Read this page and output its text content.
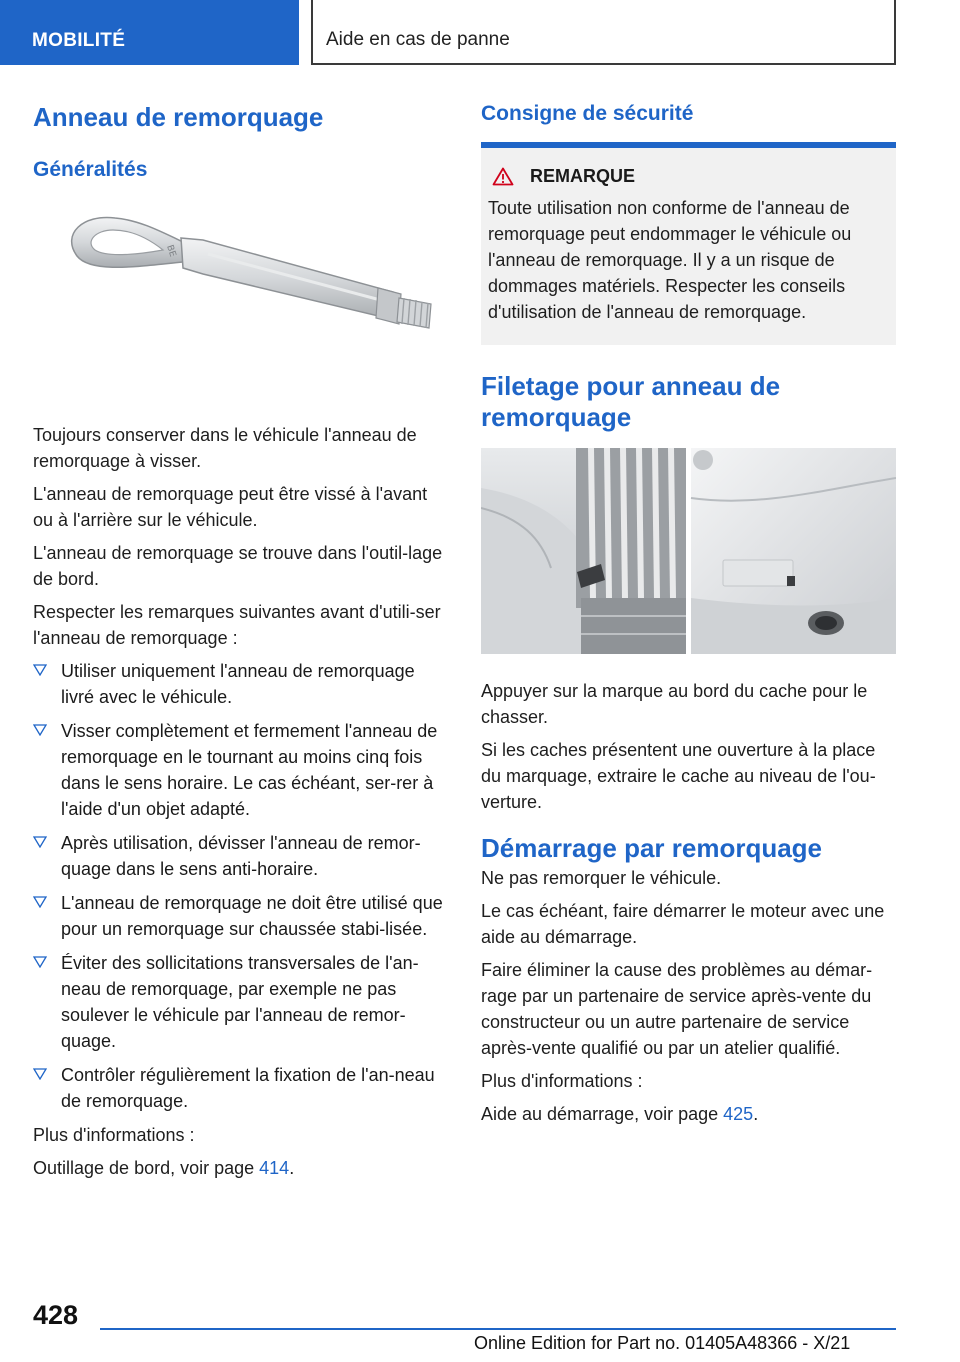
MOBILITÉ	Aide en cas de panne
Anneau de remorquage
Généralités
BE

Toujours conserver dans le véhicule l'anneau de remorquage à visser.

L'anneau de remorquage peut être vissé à l'avant ou à l'arrière sur le véhicule.

L'anneau de remorquage se trouve dans l'outil-lage de bord.

Respecter les remarques suivantes avant d'utili-ser l'anneau de remorquage :

Utiliser uniquement l'anneau de remorquage livré avec le véhicule.
Visser complètement et fermement l'anneau de remorquage en le tournant au moins cinq fois dans le sens horaire. Le cas échéant, ser-rer à l'aide d'un objet adapté.
Après utilisation, dévisser l'anneau de remor-quage dans le sens anti-horaire.
L'anneau de remorquage ne doit être utilisé que pour un remorquage sur chaussée stabi-lisée.
Éviter des sollicitations transversales de l'an-neau de remorquage, par exemple ne pas soulever le véhicule par l'anneau de remor-quage.
Contrôler régulièrement la fixation de l'an-neau de remorquage.

Plus d'informations :

Outillage de bord, voir page 414.

Consigne de sécurité
REMARQUE

Toute utilisation non conforme de l'anneau de remorquage peut endommager le véhicule ou l'anneau de remorquage. Il y a un risque de dommages matériels. Respecter les conseils d'utilisation de l'anneau de remorquage.

Filetage pour anneau de remorquage

Appuyer sur la marque au bord du cache pour le chasser.

Si les caches présentent une ouverture à la place du marquage, extraire le cache au niveau de l'ou-verture.

Démarrage par remorquage

Ne pas remorquer le véhicule.

Le cas échéant, faire démarrer le moteur avec une aide au démarrage.

Faire éliminer la cause des problèmes au démar-rage par un partenaire de service après-vente du constructeur ou un autre partenaire de service après-vente qualifié ou par un atelier qualifié.

Plus d'informations :

Aide au démarrage, voir page 425.

428
Online Edition for Part no. 01405A48366 - X/21
